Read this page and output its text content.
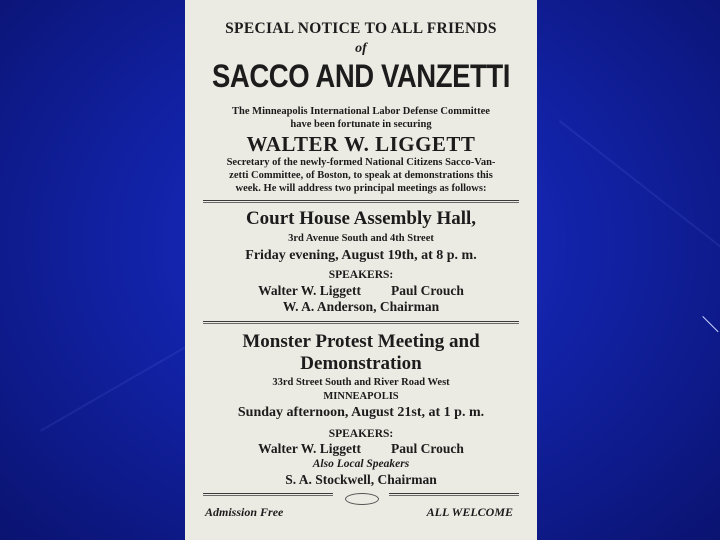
SPECIAL NOTICE TO ALL FRIENDS
of
SACCO AND VANZETTI
The Minneapolis International Labor Defense Committee
have been fortunate in securing
WALTER W. LIGGETT
Secretary of the newly-formed National Citizens Sacco-Van-
zetti Committee, of Boston, to speak at demonstrations this
week. He will address two principal meetings as follows:
Court House Assembly Hall,
3rd Avenue South and 4th Street
Friday evening, August 19th, at 8 p. m.
SPEAKERS:
Walter W. Liggett Paul Crouch
W. A. Anderson, Chairman
Monster Protest Meeting and
Demonstration
33rd Street South and River Road West
MINNEAPOLIS
Sunday afternoon, August 21st, at 1 p. m.
SPEAKERS:
Walter W. Liggett Paul Crouch
Also Local Speakers
S. A. Stockwell, Chairman
Admission Free	ALL WELCOME
